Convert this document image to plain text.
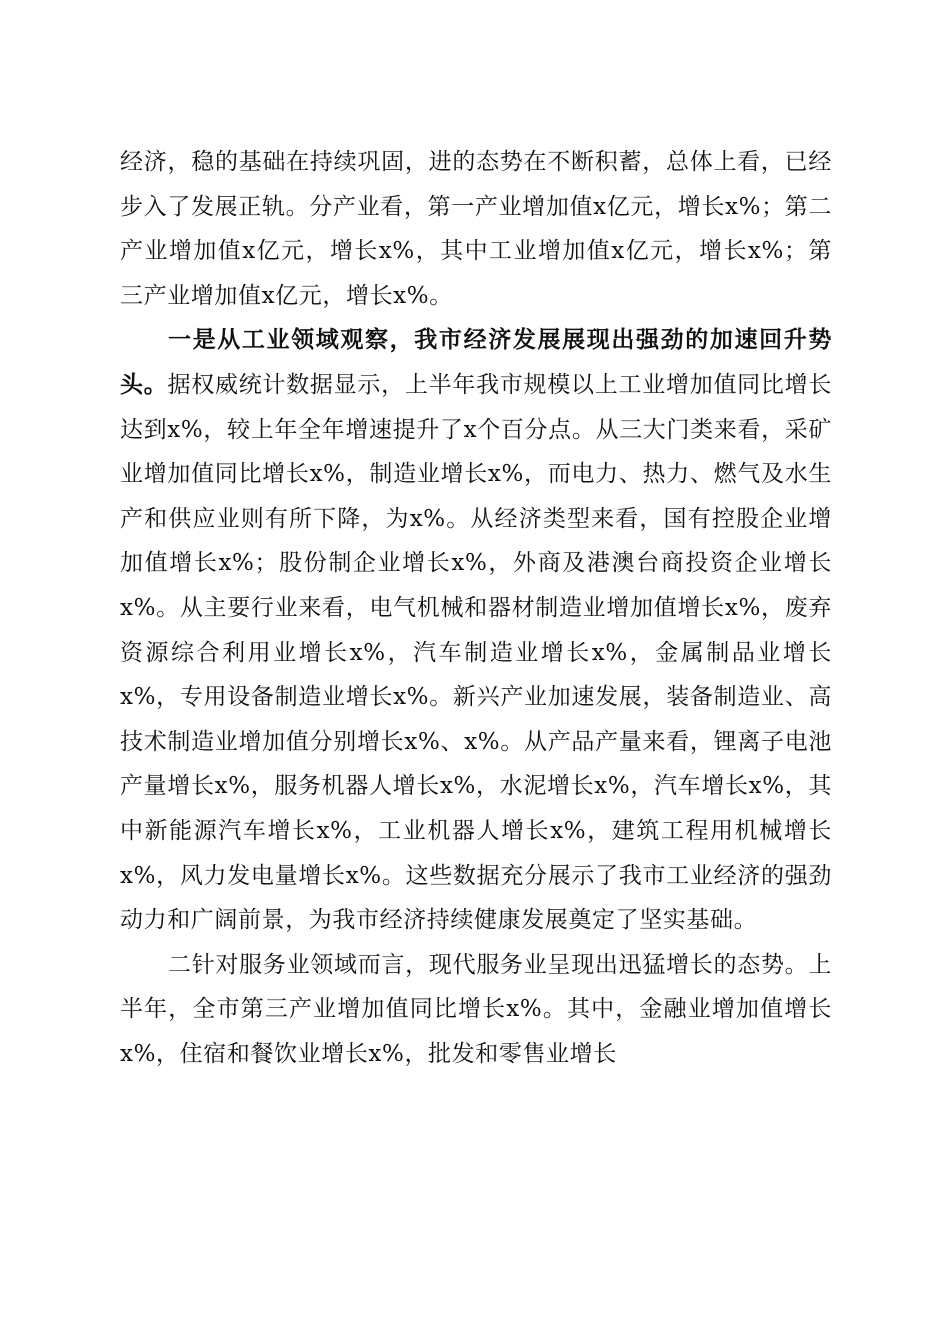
经济，稳的基础在持续巩固，进的态势在不断积蓄，总体上看，已经步入了发展正轨。分产业看，第一产业增加值x亿元，增长x%；第二产业增加值x亿元，增长x%，其中工业增加值x亿元，增长x%；第三产业增加值x亿元，增长x%。

一是从工业领域观察，我市经济发展展现出强劲的加速回升势头。据权威统计数据显示，上半年我市规模以上工业增加值同比增长达到x%，较上年全年增速提升了x个百分点。从三大门类来看，采矿业增加值同比增长x%，制造业增长x%，而电力、热力、燃气及水生产和供应业则有所下降，为x%。从经济类型来看，国有控股企业增加值增长x%；股份制企业增长x%，外商及港澳台商投资企业增长x%。从主要行业来看，电气机械和器材制造业增加值增长x%，废弃资源综合利用业增长x%，汽车制造业增长x%，金属制品业增长x%，专用设备制造业增长x%。新兴产业加速发展，装备制造业、高技术制造业增加值分别增长x%、x%。从产品产量来看，锂离子电池产量增长x%，服务机器人增长x%，水泥增长x%，汽车增长x%，其中新能源汽车增长x%，工业机器人增长x%，建筑工程用机械增长x%，风力发电量增长x%。这些数据充分展示了我市工业经济的强劲动力和广阔前景，为我市经济持续健康发展奠定了坚实基础。

二针对服务业领域而言，现代服务业呈现出迅猛增长的态势。上半年，全市第三产业增加值同比增长x%。其中，金融业增加值增长x%，住宿和餐饮业增长x%，批发和零售业增长
